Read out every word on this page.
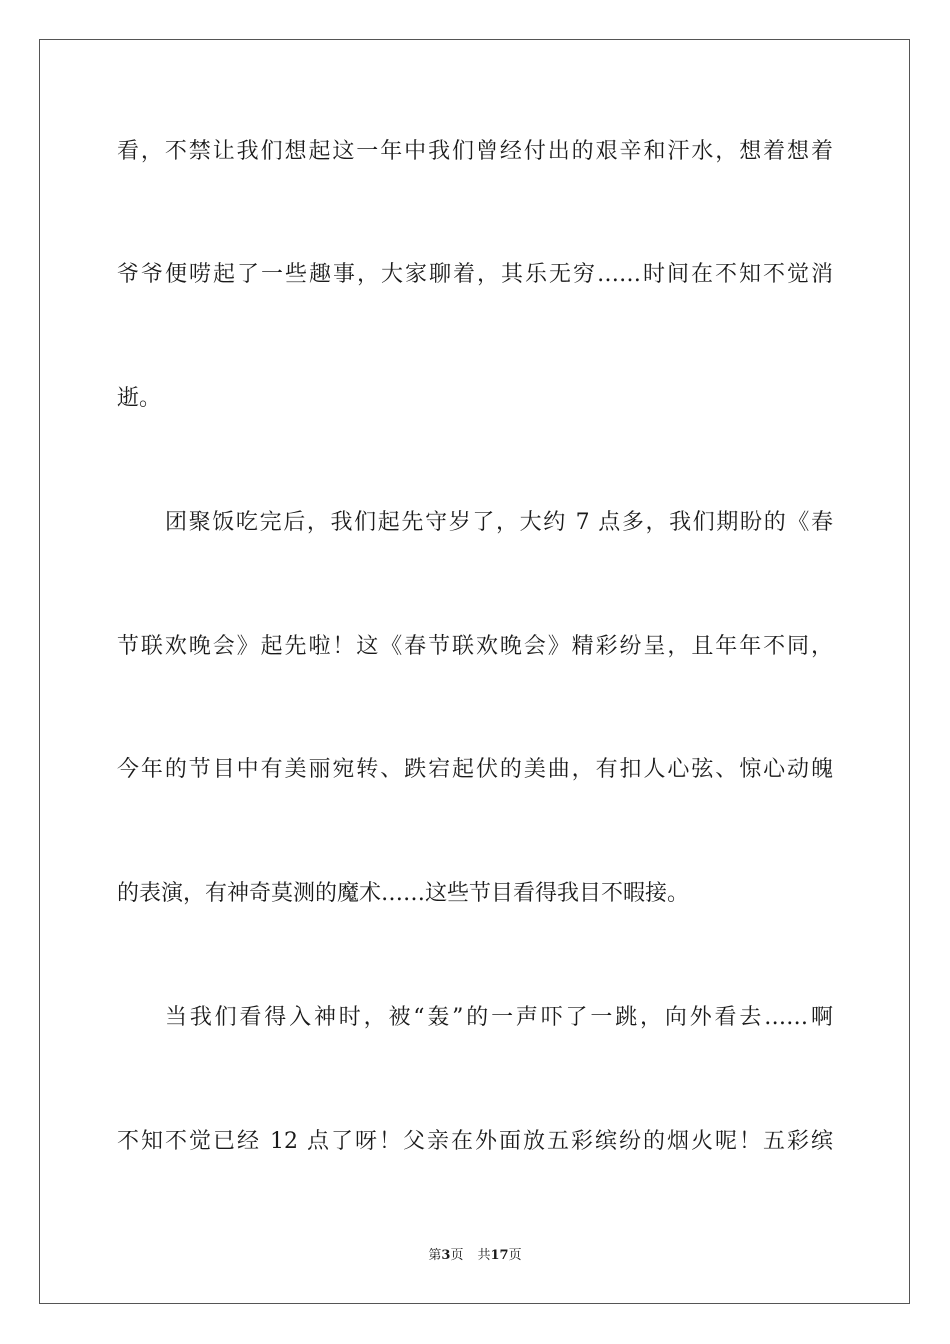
看，不禁让我们想起这一年中我们曾经付出的艰辛和汗水，想着想着
爷爷便唠起了一些趣事，大家聊着，其乐无穷……时间在不知不觉消
逝。
团聚饭吃完后，我们起先守岁了，大约 7 点多，我们期盼的《春
节联欢晚会》起先啦！这《春节联欢晚会》精彩纷呈，且年年不同，
今年的节目中有美丽宛转、跌宕起伏的美曲，有扣人心弦、惊心动魄
的表演，有神奇莫测的魔术……这些节目看得我目不暇接。
当我们看得入神时，被“轰”的一声吓了一跳，向外看去……啊
不知不觉已经 12 点了呀！父亲在外面放五彩缤纷的烟火呢！五彩缤
第3页 共17页
